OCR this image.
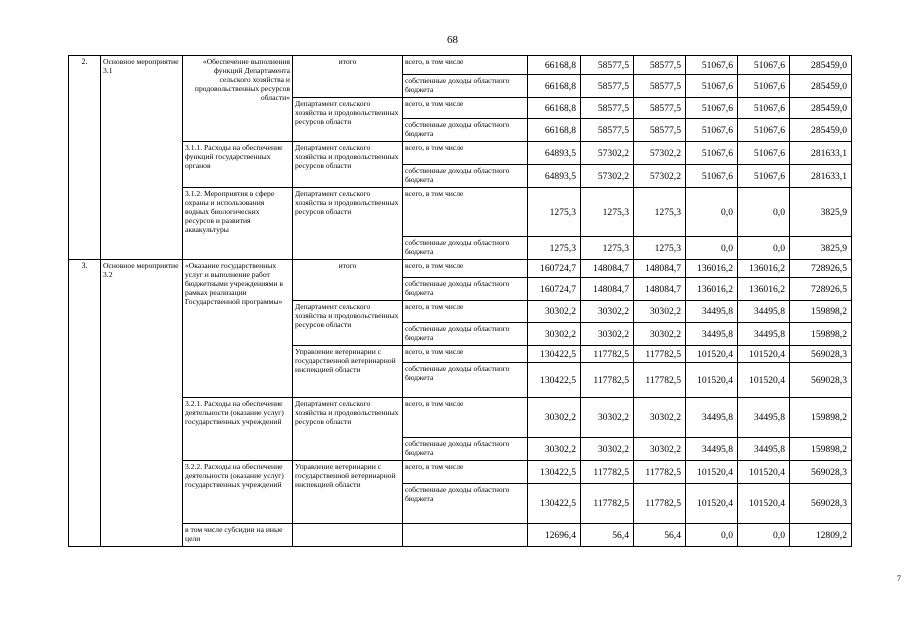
68
2.	Основное мероприятие 3.1	«Обеспечение выполнения функций Департамента сельского хозяйства и продовольственных ресурсов области»	итого	всего, в том числе	66168,8	58577,5	58577,5	51067,6	51067,6	285459,0
				собственные доходы областного бюджета	66168,8	58577,5	58577,5	51067,6	51067,6	285459,0
			Департамент сельского хозяйства и продовольственных ресурсов области	всего, в том числе	66168,8	58577,5	58577,5	51067,6	51067,6	285459,0
				собственные доходы областного бюджета	66168,8	58577,5	58577,5	51067,6	51067,6	285459,0
		3.1.1. Расходы на обеспечение функций государственных органов	Департамент сельского хозяйства и продовольственных ресурсов области	всего, в том числе	64893,5	57302,2	57302,2	51067,6	51067,6	281633,1
				собственные доходы областного бюджета	64893,5	57302,2	57302,2	51067,6	51067,6	281633,1
		3.1.2. Мероприятия в сфере охраны и использования водных биологических ресурсов и развития аквакультуры	Департамент сельского хозяйства и продовольственных ресурсов области	всего, в том числе	1275,3	1275,3	1275,3	0,0	0,0	3825,9

				собственные доходы областного бюджета	1275,3	1275,3	1275,3	0,0	0,0	3825,9
3.	Основное мероприятие 3.2	«Оказание государственных услуг и выполнение работ бюджетными учреждениями в рамках реализации Государственной программы»	итого	всего, в том числе	160724,7	148084,7	148084,7	136016,2	136016,2	728926,5
				собственные доходы областного бюджета	160724,7	148084,7	148084,7	136016,2	136016,2	728926,5
			Департамент сельского хозяйства и продовольственных ресурсов области	всего, в том числе	30302,2	30302,2	30302,2	34495,8	34495,8	159898,2
				собственные доходы областного бюджета	30302,2	30302,2	30302,2	34495,8	34495,8	159898,2
			Управление ветеринарии с государственной ветеринарной инспекцией области	всего, в том числе	130422,5	117782,5	117782,5	101520,4	101520,4	569028,3
				собственные доходы областного бюджета	130422,5	117782,5	117782,5	101520,4	101520,4	569028,3
		3.2.1. Расходы на обеспечение деятельности (оказание услуг) государственных учреждений	Департамент сельского хозяйства и продовольственных ресурсов области	всего, в том числе	30302,2	30302,2	30302,2	34495,8	34495,8	159898,2
				собственные доходы областного бюджета	30302,2	30302,2	30302,2	34495,8	34495,8	159898,2
		3.2.2. Расходы на обеспечение деятельности (оказание услуг) государственных учреждений	Управление ветеринарии с государственной ветеринарной инспекцией области	всего, в том числе	130422,5	117782,5	117782,5	101520,4	101520,4	569028,3
				собственные доходы областного бюджета	130422,5	117782,5	117782,5	101520,4	101520,4	569028,3
		в том числе субсидии на иные цели			12696,4	56,4	56,4	0,0	0,0	12809,2
7
